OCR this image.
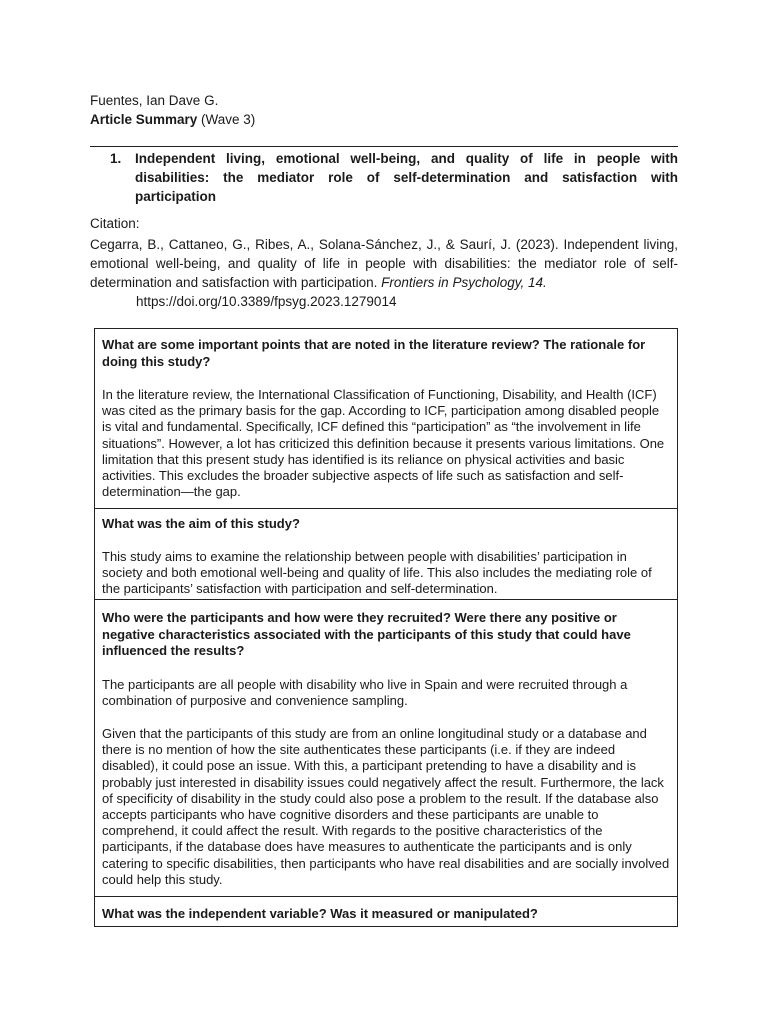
Fuentes, Ian Dave G.
Article Summary (Wave 3)
1. Independent living, emotional well-being, and quality of life in people with disabilities: the mediator role of self-determination and satisfaction with participation
Citation:
Cegarra, B., Cattaneo, G., Ribes, A., Solana-Sánchez, J., & Saurí, J. (2023). Independent living, emotional well-being, and quality of life in people with disabilities: the mediator role of self-determination and satisfaction with participation. Frontiers in Psychology, 14.
https://doi.org/10.3389/fpsyg.2023.1279014

What are some important points that are noted in the literature review? The rationale for doing this study?

In the literature review, the International Classification of Functioning, Disability, and Health (ICF) was cited as the primary basis for the gap. According to ICF, participation among disabled people is vital and fundamental. Specifically, ICF defined this “participation” as “the involvement in life situations”. However, a lot has criticized this definition because it presents various limitations. One limitation that this present study has identified is its reliance on physical activities and basic activities. This excludes the broader subjective aspects of life such as satisfaction and self-determination—the gap.

What was the aim of this study?

This study aims to examine the relationship between people with disabilities’ participation in society and both emotional well-being and quality of life. This also includes the mediating role of the participants’ satisfaction with participation and self-determination.

Who were the participants and how were they recruited? Were there any positive or negative characteristics associated with the participants of this study that could have influenced the results?

The participants are all people with disability who live in Spain and were recruited through a combination of purposive and convenience sampling.

Given that the participants of this study are from an online longitudinal study or a database and there is no mention of how the site authenticates these participants (i.e. if they are indeed disabled), it could pose an issue. With this, a participant pretending to have a disability and is probably just interested in disability issues could negatively affect the result. Furthermore, the lack of specificity of disability in the study could also pose a problem to the result. If the database also accepts participants who have cognitive disorders and these participants are unable to comprehend, it could affect the result. With regards to the positive characteristics of the participants, if the database does have measures to authenticate the participants and is only catering to specific disabilities, then participants who have real disabilities and are socially involved could help this study.

What was the independent variable? Was it measured or manipulated?
